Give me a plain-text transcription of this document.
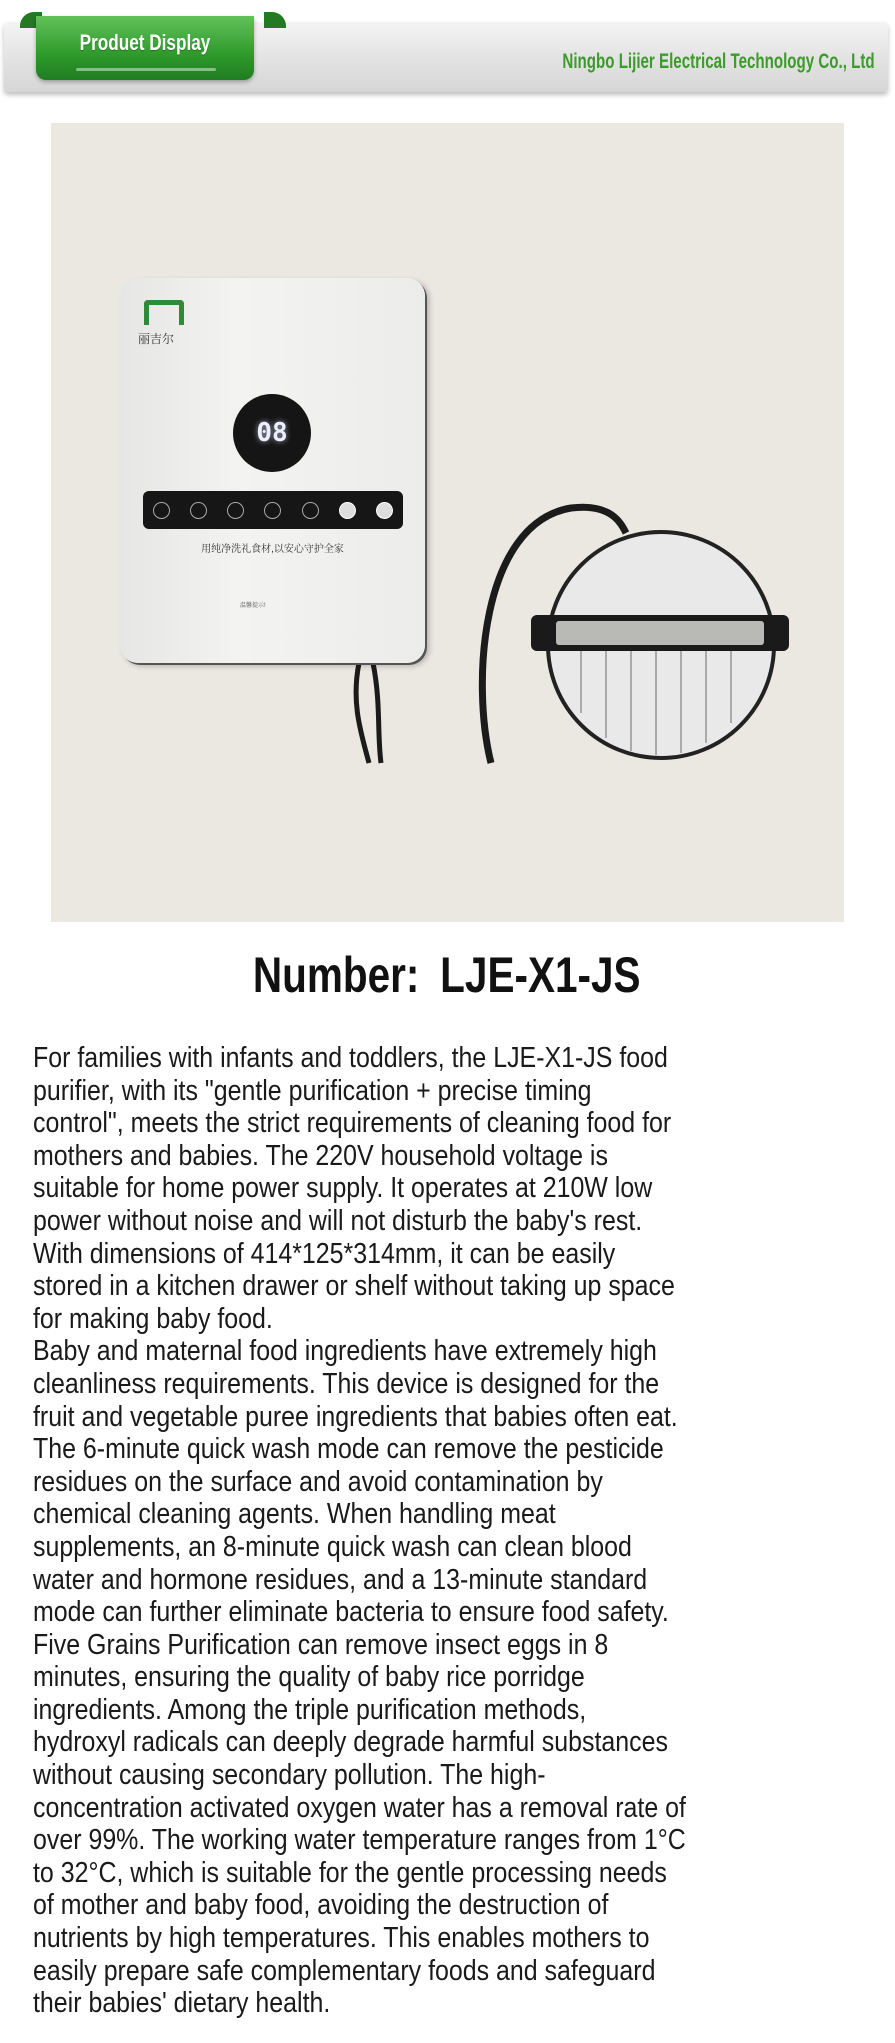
Produet Display
Ningbo Lijier Electrical Technology Co., Ltd
丽吉尔
08
用纯净洗礼食材,以安心守护全家
温馨提示!
Number: LJE-X1-JS
For families with infants and toddlers, the LJE-X1-JS food
purifier, with its "gentle purification + precise timing
control", meets the strict requirements of cleaning food for
mothers and babies. The 220V household voltage is
suitable for home power supply. It operates at 210W low
power without noise and will not disturb the baby's rest.
With dimensions of 414*125*314mm, it can be easily
stored in a kitchen drawer or shelf without taking up space
for making baby food.
Baby and maternal food ingredients have extremely high
cleanliness requirements. This device is designed for the
fruit and vegetable puree ingredients that babies often eat.
The 6-minute quick wash mode can remove the pesticide
residues on the surface and avoid contamination by
chemical cleaning agents. When handling meat
supplements, an 8-minute quick wash can clean blood
water and hormone residues, and a 13-minute standard
mode can further eliminate bacteria to ensure food safety.
Five Grains Purification can remove insect eggs in 8
minutes, ensuring the quality of baby rice porridge
ingredients. Among the triple purification methods,
hydroxyl radicals can deeply degrade harmful substances
without causing secondary pollution. The high-
concentration activated oxygen water has a removal rate of
over 99%. The working water temperature ranges from 1°C
to 32°C, which is suitable for the gentle processing needs
of mother and baby food, avoiding the destruction of
nutrients by high temperatures. This enables mothers to
easily prepare safe complementary foods and safeguard
their babies' dietary health.
